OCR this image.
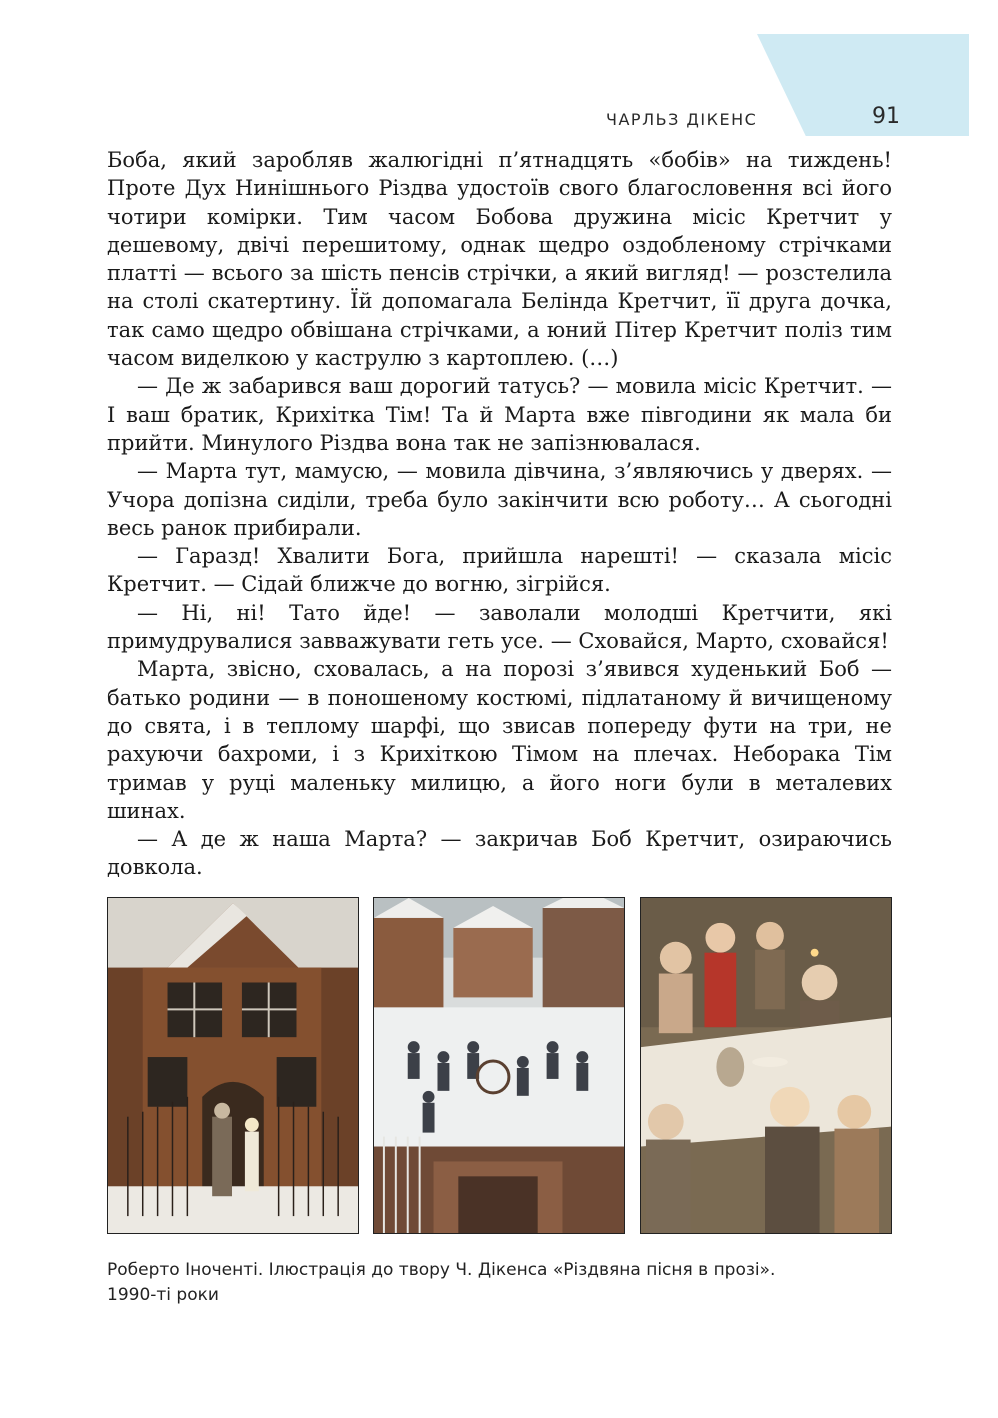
ЧАРЛЬЗ ДІКЕНС	91

Боба, який заробляв жалюгідні п’ятнадцять «бобів» на тиждень! Проте Дух Нинішнього Різдва удостоїв свого благословення всі його чотири комірки. Тим часом Бобова дружина місіс Кретчит у дешевому, двічі перешитому, однак щедро оздобленому стрічками платті — всього за шість пенсів стрічки, а який вигляд! — розстелила на столі скатертину. Їй допомагала Белінда Кретчит, її друга дочка, так само щедро обвішана стрічками, а юний Пітер Кретчит поліз тим часом виделкою у каструлю з картоплею. (…)

— Де ж забарився ваш дорогий татусь? — мовила місіс Кретчит. — І ваш братик, Крихітка Тім! Та й Марта вже півгодини як мала би прийти. Минулого Різдва вона так не запізнювалася.

— Марта тут, мамусю, — мовила дівчина, з’являючись у дверях. — Учора допізна сиділи, треба було закінчити всю роботу… А сьогодні весь ранок прибирали.

— Гаразд! Хвалити Бога, прийшла нарешті! — сказала місіс Кретчит. — Сідай ближче до вогню, зігрійся.

— Ні, ні! Тато йде! — заволали молодші Кретчити, які примудрувалися завважувати геть усе. — Сховайся, Марто, сховайся!

Марта, звісно, сховалась, а на порозі з’явився худенький Боб — батько родини — в поношеному костюмі, підлатаному й вичищеному до свята, і в теплому шарфі, що звисав попереду фути на три, не рахуючи бахроми, і з Крихіткою Тімом на плечах. Неборака Тім тримав у руці маленьку милицю, а його ноги були в металевих шинах.

— А де ж наша Марта? — закричав Боб Кретчит, озираючись довкола.

Роберто Іноченті. Ілюстрація до твору Ч. Дікенса «Різдвяна пісня в прозі».
1990-ті роки
